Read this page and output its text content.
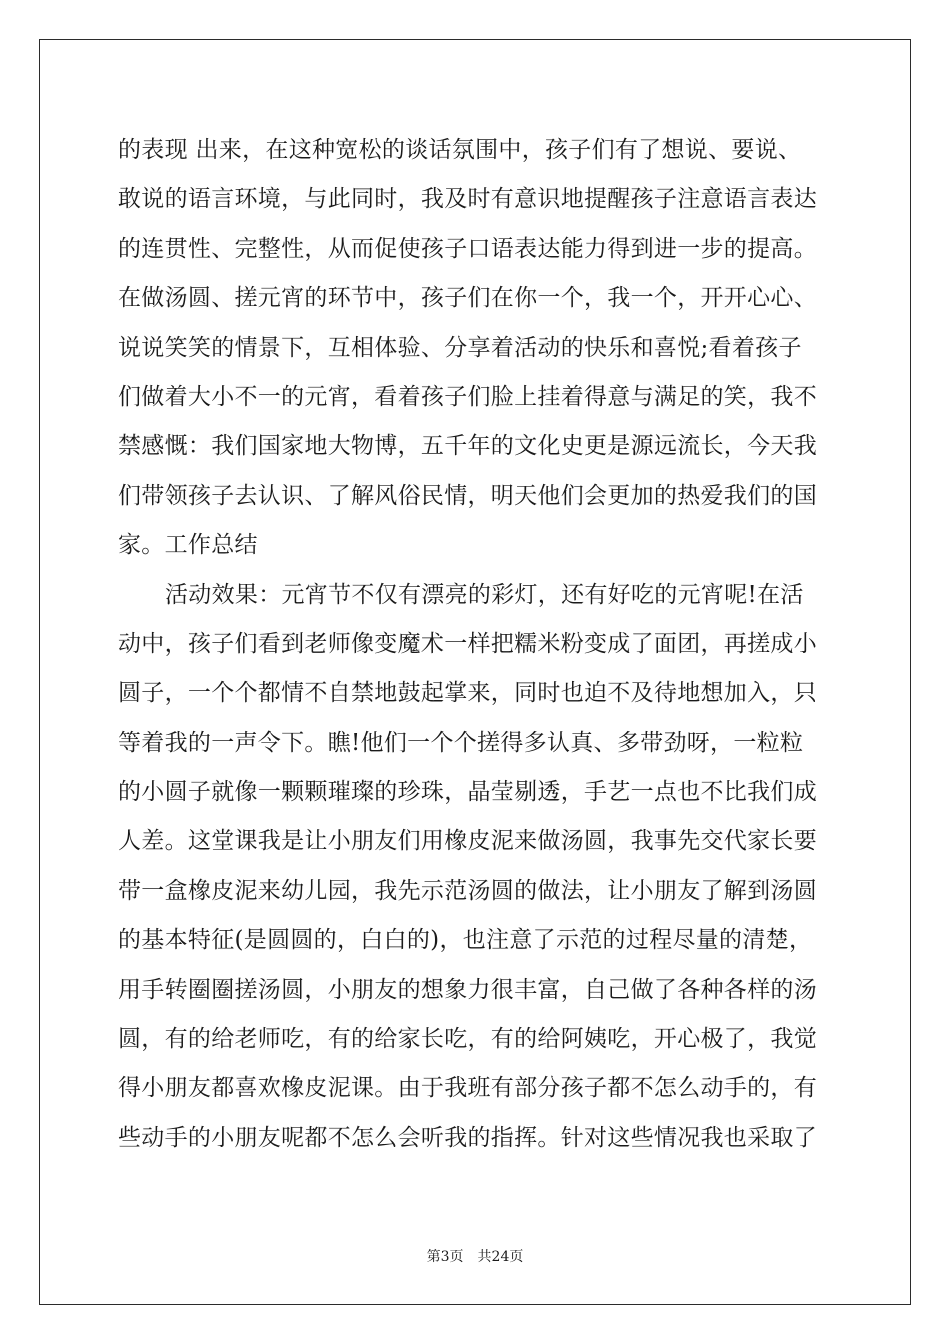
的表现 出来，在这种宽松的谈话氛围中，孩子们有了想说、要说、
敢说的语言环境，与此同时，我及时有意识地提醒孩子注意语言表达
的连贯性、完整性，从而促使孩子口语表达能力得到进一步的提高。
在做汤圆、搓元宵的环节中，孩子们在你一个，我一个，开开心心、
说说笑笑的情景下，互相体验、分享着活动的快乐和喜悦;看着孩子
们做着大小不一的元宵，看着孩子们脸上挂着得意与满足的笑，我不
禁感慨：我们国家地大物博，五千年的文化史更是源远流长，今天我
们带领孩子去认识、了解风俗民情，明天他们会更加的热爱我们的国
家。工作总结
活动效果：元宵节不仅有漂亮的彩灯，还有好吃的元宵呢!在活
动中，孩子们看到老师像变魔术一样把糯米粉变成了面团，再搓成小
圆子，一个个都情不自禁地鼓起掌来，同时也迫不及待地想加入，只
等着我的一声令下。瞧!他们一个个搓得多认真、多带劲呀，一粒粒
的小圆子就像一颗颗璀璨的珍珠，晶莹剔透，手艺一点也不比我们成
人差。这堂课我是让小朋友们用橡皮泥来做汤圆，我事先交代家长要
带一盒橡皮泥来幼儿园，我先示范汤圆的做法，让小朋友了解到汤圆
的基本特征(是圆圆的，白白的)，也注意了示范的过程尽量的清楚，
用手转圈圈搓汤圆，小朋友的想象力很丰富，自己做了各种各样的汤
圆，有的给老师吃，有的给家长吃，有的给阿姨吃，开心极了，我觉
得小朋友都喜欢橡皮泥课。由于我班有部分孩子都不怎么动手的，有
些动手的小朋友呢都不怎么会听我的指挥。针对这些情况我也采取了
第3页　共24页
